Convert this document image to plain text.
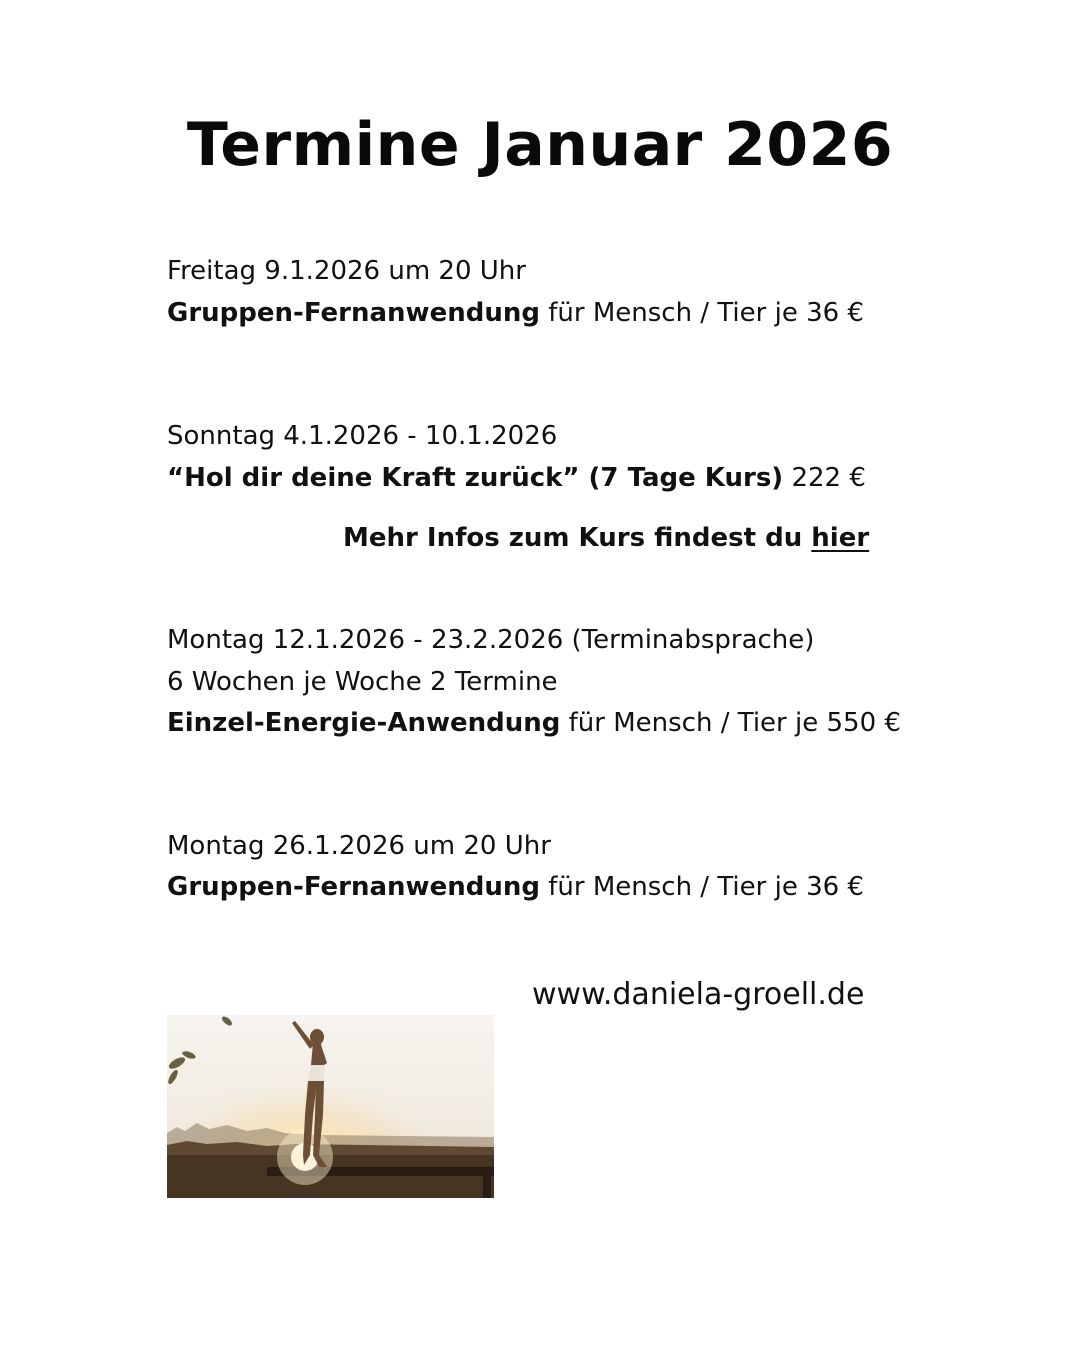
Termine Januar 2026
Freitag 9.1.2026 um 20 Uhr
Gruppen-Fernanwendung für Mensch / Tier je 36 €
Sonntag 4.1.2026 - 10.1.2026
“Hol dir deine Kraft zurück” (7 Tage Kurs) 222 €
Mehr Infos zum Kurs findest du hier
Montag 12.1.2026 - 23.2.2026 (Terminabsprache)
6 Wochen je Woche 2 Termine
Einzel-Energie-Anwendung für Mensch / Tier je 550 €
Montag 26.1.2026 um 20 Uhr
Gruppen-Fernanwendung für Mensch / Tier je 36 €
www.daniela-groell.de
